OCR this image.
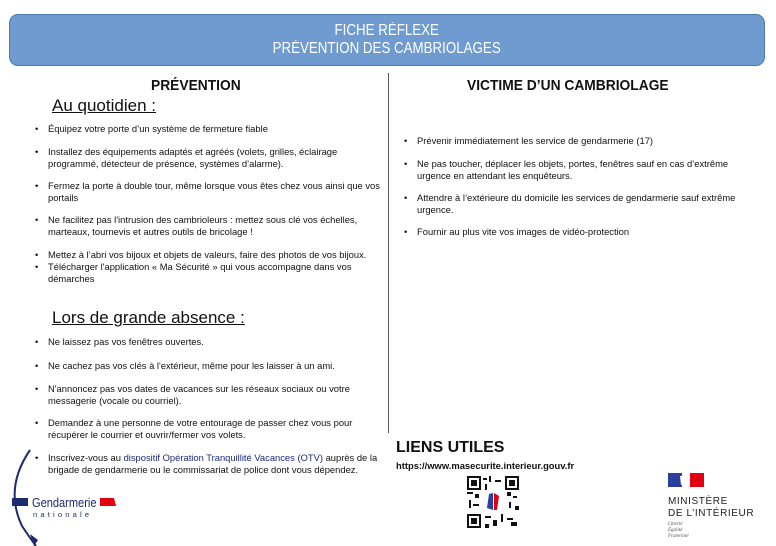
FICHE RÉFLEXE
PRÉVENTION DES CAMBRIOLAGES
PRÉVENTION
Au quotidien :
• Équipez votre porte d’un système de fermeture fiable
• Installez des équipements adaptés et agréés (volets, grilles, éclairage programmé, détecteur de présence, systèmes d’alarme).
• Fermez la porte à double tour, même lorsque vous êtes chez vous ainsi que vos portails
• Ne facilitez pas l'intrusion des cambrioleurs : mettez sous clé vos échelles, marteaux, tournevis et autres outils de bricolage !
• Mettez à l’abri vos bijoux et objets de valeurs, faire des photos de vos bijoux.
• Télécharger l'application « Ma Sécurité » qui vous accompagne dans vos démarches
Lors de grande absence :
• Ne laissez pas vos fenêtres ouvertes.
• Ne cachez pas vos clés à l'extérieur, même pour les laisser à un ami.
• N'annoncez pas vos dates de vacances sur les réseaux sociaux ou votre messagerie (vocale ou courriel).
• Demandez à une personne de votre entourage de passer chez vous pour récupérer le courrier et ouvrir/fermer vos volets.
• Inscrivez-vous au dispositif Opération Tranquillité Vacances (OTV) auprès de la brigade de gendarmerie ou le commissariat de police dont vous dépendez.
VICTIME D’UN CAMBRIOLAGE
• Prévenir immédiatement les service de gendarmerie (17)
• Ne pas toucher, déplacer les objets, portes, fenêtres sauf en cas d’extrême urgence en attendant les enquêteurs.
• Attendre à l’extérieure du domicile les services de gendarmerie sauf extrême urgence.
• Fournir au plus vite vos images de vidéo-protection
LIENS UTILES
https://www.masecurite.interieur.gouv.fr
MINISTÈRE
DE L’INTÉRIEUR
Liberté
Égalité
Fraternité
Gendarmerie
nationale
